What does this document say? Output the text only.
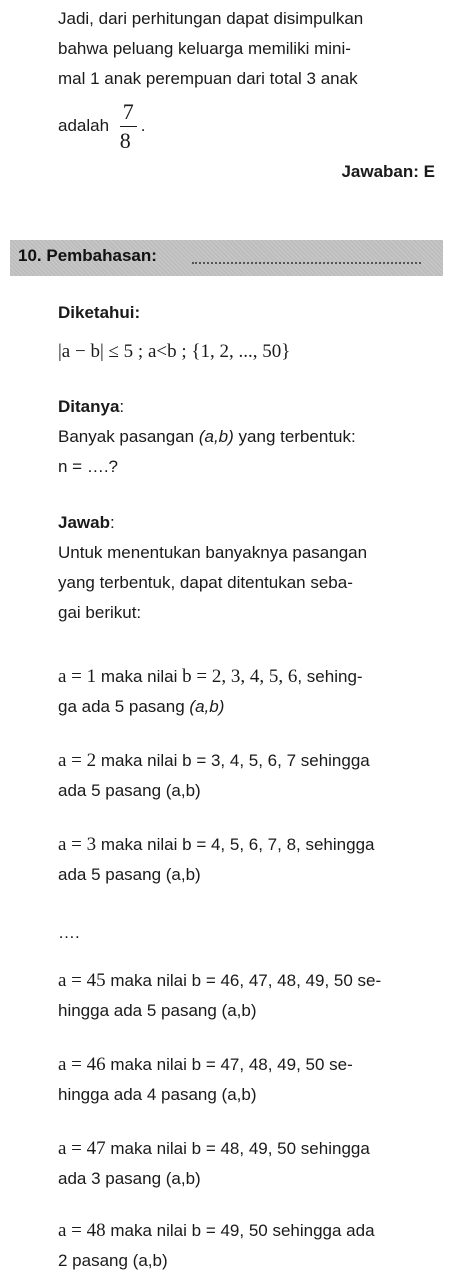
Jadi, dari perhitungan dapat disimpulkan
bahwa peluang keluarga memiliki mini-
mal 1 anak perempuan dari total 3 anak
adalah $\frac{7}{8}$ .
Jawaban: E
10. Pembahasan:
Diketahui:
|a − b| ≤ 5 ; a<b ; {1, 2, ..., 50}
Ditanya:
Banyak pasangan (a,b) yang terbentuk:
n = ….?
Jawab:
Untuk menentukan banyaknya pasangan
yang terbentuk, dapat ditentukan seba-
gai berikut:
a = 1 maka nilai b = 2, 3, 4, 5, 6, sehing-
ga ada 5 pasang (a,b)
a = 2 maka nilai b = 3, 4, 5, 6, 7 sehingga
ada 5 pasang (a,b)
a = 3 maka nilai b = 4, 5, 6, 7, 8, sehingga
ada 5 pasang (a,b)
….
a = 45 maka nilai b = 46, 47, 48, 49, 50 se-
hingga ada 5 pasang (a,b)
a = 46 maka nilai b = 47, 48, 49, 50 se-
hingga ada 4 pasang (a,b)
a = 47 maka nilai b = 48, 49, 50 sehingga
ada 3 pasang (a,b)
a = 48 maka nilai b = 49, 50 sehingga ada
2 pasang (a,b)
